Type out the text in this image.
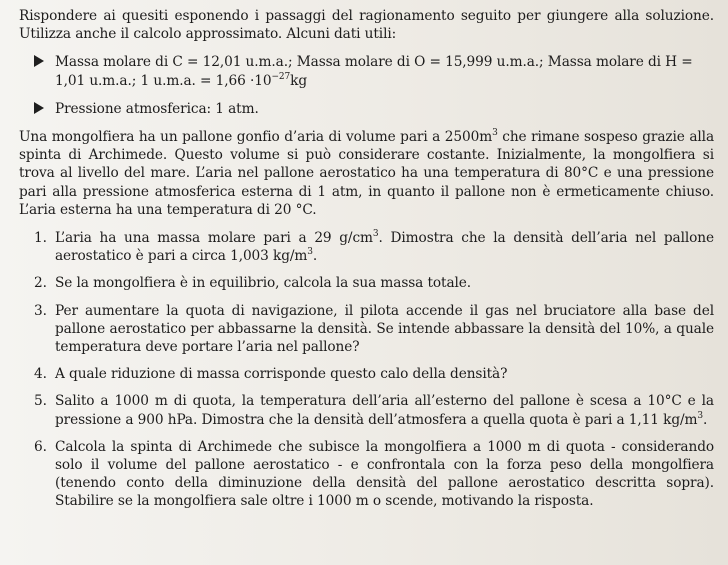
Rispondere ai quesiti esponendo i passaggi del ragionamento seguito per giungere alla soluzione. Utilizza anche il calcolo approssimato. Alcuni dati utili:

Massa molare di C = 12,01 u.m.a.; Massa molare di O = 15,999 u.m.a.; Massa molare di H = 1,01 u.m.a.; 1 u.m.a. = $1,66 \cdot 10^{-27}kg$
Pressione atmosferica: 1 atm.

Una mongolfiera ha un pallone gonfio d’aria di volume pari a $2500m^3$ che rimane sospeso grazie alla spinta di Archimede. Questo volume si può considerare costante. Inizialmente, la mongolfiera si trova al livello del mare. L’aria nel pallone aerostatico ha una temperatura di 80°C e una pressione pari alla pressione atmosferica esterna di 1 atm, in quanto il pallone non è ermeticamente chiuso. L’aria esterna ha una temperatura di 20 °C.

1. L’aria ha una massa molare pari a 29 $g/cm^3$. Dimostra che la densità dell’aria nel pallone aerostatico è pari a circa 1,003 $kg/m^3$.
2. Se la mongolfiera è in equilibrio, calcola la sua massa totale.
3. Per aumentare la quota di navigazione, il pilota accende il gas nel bruciatore alla base del pallone aerostatico per abbassarne la densità. Se intende abbassare la densità del 10%, a quale temperatura deve portare l’aria nel pallone?
4. A quale riduzione di massa corrisponde questo calo della densità?
5. Salito a 1000 m di quota, la temperatura dell’aria all’esterno del pallone è scesa a 10°C e la pressione a 900 hPa. Dimostra che la densità dell’atmosfera a quella quota è pari a 1,11 $kg/m^3$.
6. Calcola la spinta di Archimede che subisce la mongolfiera a 1000 m di quota - considerando solo il volume del pallone aerostatico - e confrontala con la forza peso della mongolfiera (tenendo conto della diminuzione della densità del pallone aerostatico descritta sopra). Stabilire se la mongolfiera sale oltre i 1000 m o scende, motivando la risposta.
